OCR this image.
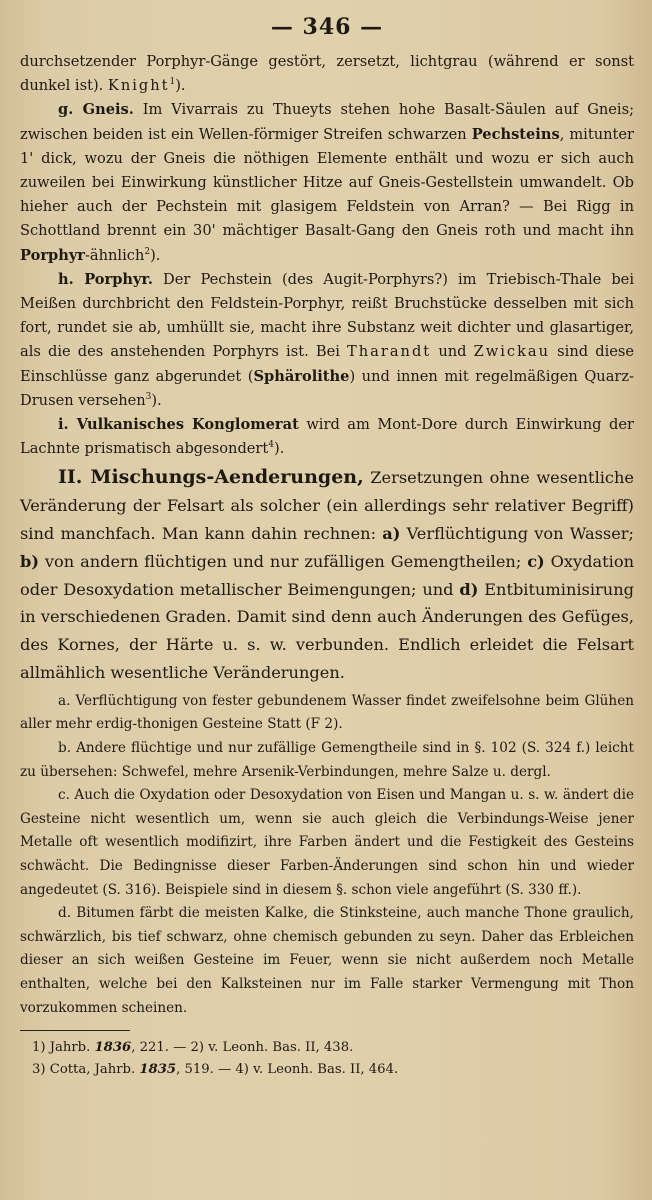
— 346 —

durchsetzender Porphyr-Gänge gestört, zersetzt, lichtgrau (während er sonst dunkel ist). Knight$^1$).

g. Gneis. Im Vivarrais zu Thueyts stehen hohe Basalt-Säulen auf Gneis; zwischen beiden ist ein Wellen-förmiger Streifen schwarzen Pechsteins, mitunter 1' dick, wozu der Gneis die nöthigen Elemente enthält und wozu er sich auch zuweilen bei Einwirkung künstlicher Hitze auf Gneis-Gestellstein umwandelt. Ob hieher auch der Pechstein mit glasigem Feldstein von Arran? — Bei Rigg in Schottland brennt ein 30' mächtiger Basalt-Gang den Gneis roth und macht ihn Porphyr-ähnlich$^2$).

h. Porphyr. Der Pechstein (des Augit-Porphyrs?) im Triebisch-Thale bei Meißen durchbricht den Feldstein-Porphyr, reißt Bruchstücke desselben mit sich fort, rundet sie ab, umhüllt sie, macht ihre Substanz weit dichter und glasartiger, als die des anstehenden Porphyrs ist. Bei Tharandt und Zwickau sind diese Einschlüsse ganz abgerundet (Sphärolithe) und innen mit regelmäßigen Quarz-Drusen versehen$^3$).

i. Vulkanisches Konglomerat wird am Mont-Dore durch Einwirkung der Lachnte prismatisch abgesondert$^4$).

II. Mischungs-Aenderungen, Zersetzungen ohne wesentliche Veränderung der Felsart als solcher (ein allerdings sehr relativer Begriff) sind manchfach. Man kann dahin rechnen: a) Verflüchtigung von Wasser; b) von andern flüchtigen und nur zufälligen Gemengtheilen; c) Oxydation oder Desoxydation metallischer Beimengungen; und d) Entbituminisirung in verschiedenen Graden. Damit sind denn auch Änderungen des Gefüges, des Kornes, der Härte u. s. w. verbunden. Endlich erleidet die Felsart allmählich wesentliche Veränderungen.

a. Verflüchtigung von fester gebundenem Wasser findet zweifelsohne beim Glühen aller mehr erdig-thonigen Gesteine Statt (F 2).

b. Andere flüchtige und nur zufällige Gemengtheile sind in §. 102 (S. 324 f.) leicht zu übersehen: Schwefel, mehre Arsenik-Verbindungen, mehre Salze u. dergl.

c. Auch die Oxydation oder Desoxydation von Eisen und Mangan u. s. w. ändert die Gesteine nicht wesentlich um, wenn sie auch gleich die Verbindungs-Weise jener Metalle oft wesentlich modifizirt, ihre Farben ändert und die Festigkeit des Gesteins schwächt. Die Bedingnisse dieser Farben-Änderungen sind schon hin und wieder angedeutet (S. 316). Beispiele sind in diesem §. schon viele angeführt (S. 330 ff.).

d. Bitumen färbt die meisten Kalke, die Stinksteine, auch manche Thone graulich, schwärzlich, bis tief schwarz, ohne chemisch gebunden zu seyn. Daher das Erbleichen dieser an sich weißen Gesteine im Feuer, wenn sie nicht außerdem noch Metalle enthalten, welche bei den Kalksteinen nur im Falle starker Vermengung mit Thon vorzukommen scheinen.

1) Jahrb. 1836, 221. — 2) v. Leonh. Bas. II, 438.

3) Cotta, Jahrb. 1835, 519. — 4) v. Leonh. Bas. II, 464.
